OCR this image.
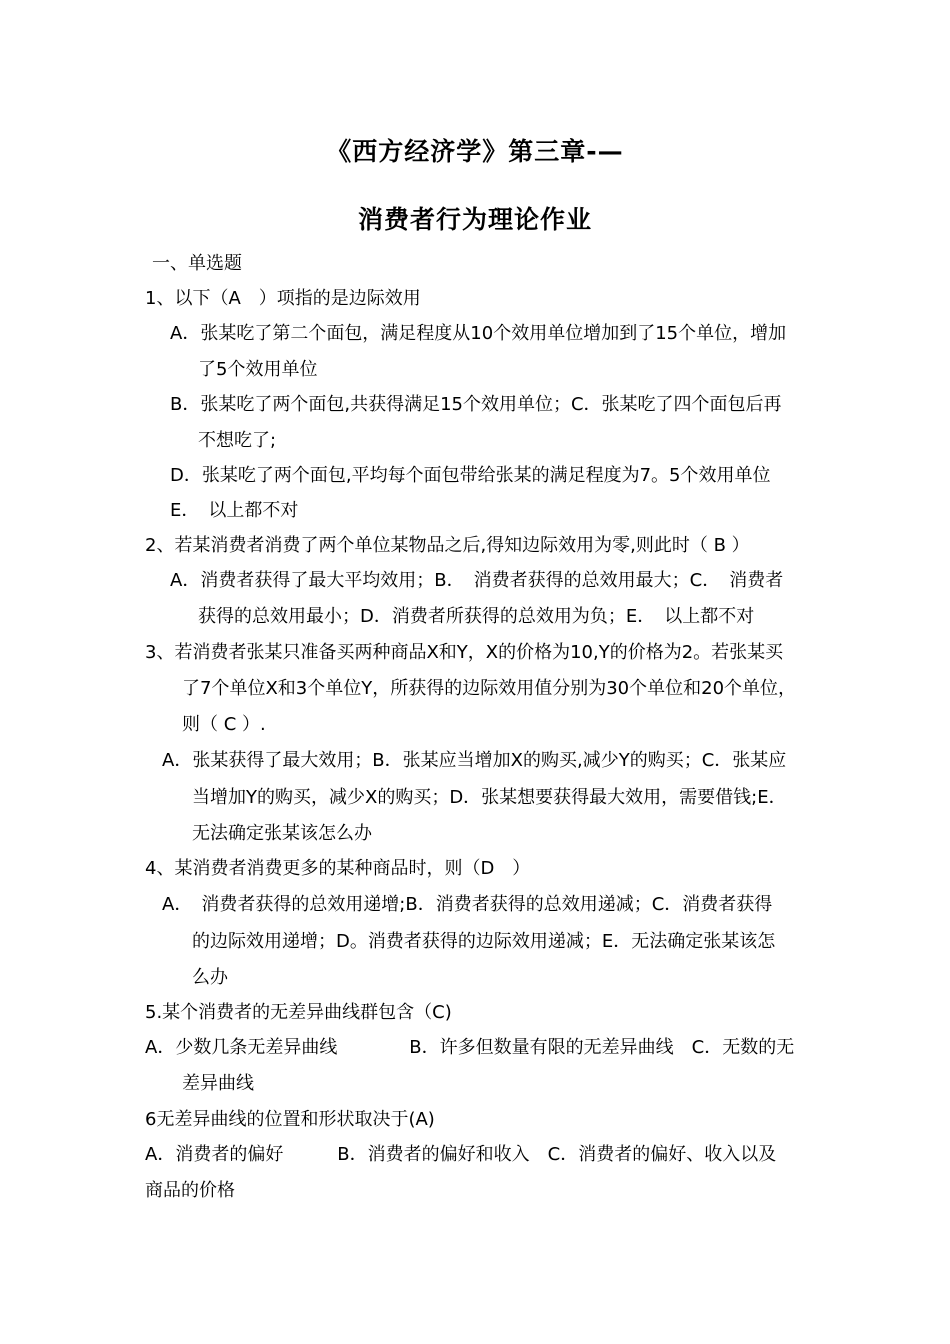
《西方经济学》第三章-—
消费者行为理论作业
一、单选题
1、以下（A　）项指的是边际效用
A．张某吃了第二个面包，满足程度从10个效用单位增加到了15个单位，增加
了5个效用单位
B．张某吃了两个面包,共获得满足15个效用单位；C．张某吃了四个面包后再
不想吃了;
D．张某吃了两个面包,平均每个面包带给张某的满足程度为7。5个效用单位
E．　以上都不对
2、若某消费者消费了两个单位某物品之后,得知边际效用为零,则此时（ B ）
A．消费者获得了最大平均效用；B．　消费者获得的总效用最大；C．　消费者
获得的总效用最小；D．消费者所获得的总效用为负；E．　以上都不对
3、若消费者张某只准备买两种商品X和Y，X的价格为10,Y的价格为2。若张某买
了7个单位X和3个单位Y，所获得的边际效用值分别为30个单位和20个单位，
则（ C ）.
A．张某获得了最大效用；B．张某应当增加X的购买,减少Y的购买；C．张某应
当增加Y的购买，减少X的购买；D．张某想要获得最大效用，需要借钱;E．
无法确定张某该怎么办
4、某消费者消费更多的某种商品时，则（D　）
A．　消费者获得的总效用递增;B．消费者获得的总效用递减；C．消费者获得
的边际效用递增；D。消费者获得的边际效用递减；E．无法确定张某该怎
么办
5.某个消费者的无差异曲线群包含（C)
A．少数几条无差异曲线　　　　B．许多但数量有限的无差异曲线　C．无数的无
差异曲线
6无差异曲线的位置和形状取决于(A)
A．消费者的偏好　　　B．消费者的偏好和收入　C．消费者的偏好、收入以及
商品的价格
